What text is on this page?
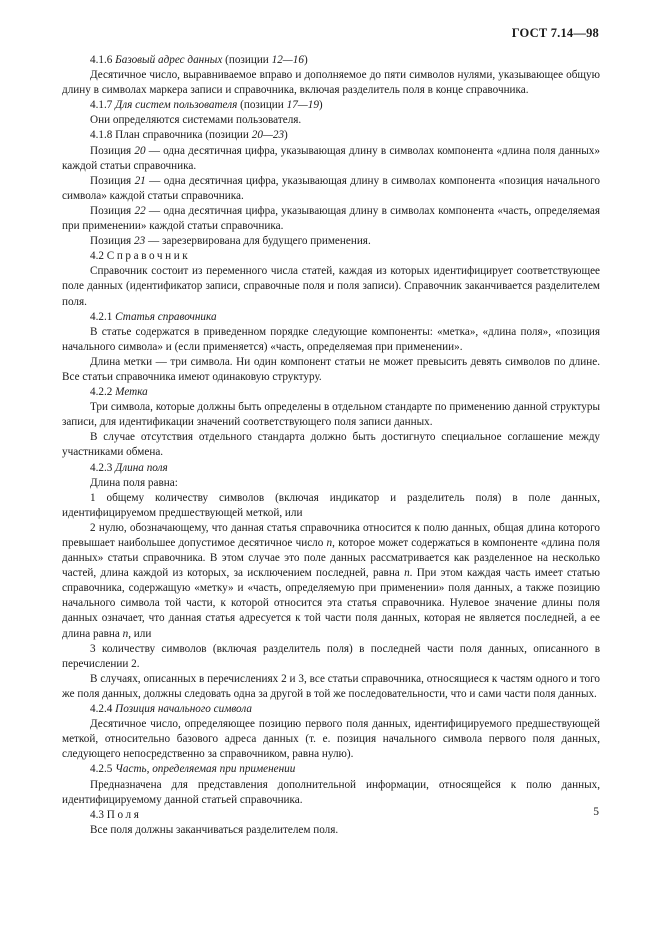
ГОСТ 7.14—98

4.1.6 Базовый адрес данных (позиции 12—16)

Десятичное число, выравниваемое вправо и дополняемое до пяти символов нулями, указывающее общую длину в символах маркера записи и справочника, включая разделитель поля в конце справочника.

4.1.7 Для систем пользователя (позиции 17—19)

Они определяются системами пользователя.

4.1.8 План справочника (позиции 20—23)

Позиция 20 — одна десятичная цифра, указывающая длину в символах компонента «длина поля данных» каждой статьи справочника.

Позиция 21 — одна десятичная цифра, указывающая длину в символах компонента «позиция начального символа» каждой статьи справочника.

Позиция 22 — одна десятичная цифра, указывающая длину в символах компонента «часть, определяемая при применении» каждой статьи справочника.

Позиция 23 — зарезервирована для будущего применения.

4.2 Справочник

Справочник состоит из переменного числа статей, каждая из которых идентифицирует соответствующее поле данных (идентификатор записи, справочные поля и поля записи). Справочник заканчивается разделителем поля.

4.2.1 Статья справочника

В статье содержатся в приведенном порядке следующие компоненты: «метка», «длина поля», «позиция начального символа» и (если применяется) «часть, определяемая при применении».

Длина метки — три символа. Ни один компонент статьи не может превысить девять символов по длине. Все статьи справочника имеют одинаковую структуру.

4.2.2 Метка

Три символа, которые должны быть определены в отдельном стандарте по применению данной структуры записи, для идентификации значений соответствующего поля записи данных.

В случае отсутствия отдельного стандарта должно быть достигнуто специальное соглашение между участниками обмена.

4.2.3 Длина поля

Длина поля равна:

1 общему количеству символов (включая индикатор и разделитель поля) в поле данных, идентифицируемом предшествующей меткой, или

2 нулю, обозначающему, что данная статья справочника относится к полю данных, общая длина которого превышает наибольшее допустимое десятичное число n, которое может содержаться в компоненте «длина поля данных» статьи справочника. В этом случае это поле данных рассматривается как разделенное на несколько частей, длина каждой из которых, за исключением последней, равна n. При этом каждая часть имеет статью справочника, содержащую «метку» и «часть, определяемую при применении» поля данных, а также позицию начального символа той части, к которой относится эта статья справочника. Нулевое значение длины поля данных означает, что данная статья адресуется к той части поля данных, которая не является последней, а ее длина равна n, или

3 количеству символов (включая разделитель поля) в последней части поля данных, описанного в перечислении 2.

В случаях, описанных в перечислениях 2 и 3, все статьи справочника, относящиеся к частям одного и того же поля данных, должны следовать одна за другой в той же последовательности, что и сами части поля данных.

4.2.4 Позиция начального символа

Десятичное число, определяющее позицию первого поля данных, идентифицируемого предшествующей меткой, относительно базового адреса данных (т. е. позиция начального символа первого поля данных, следующего непосредственно за справочником, равна нулю).

4.2.5 Часть, определяемая при применении

Предназначена для представления дополнительной информации, относящейся к полю данных, идентифицируемому данной статьей справочника.

4.3 Поля

Все поля должны заканчиваться разделителем поля.

5
